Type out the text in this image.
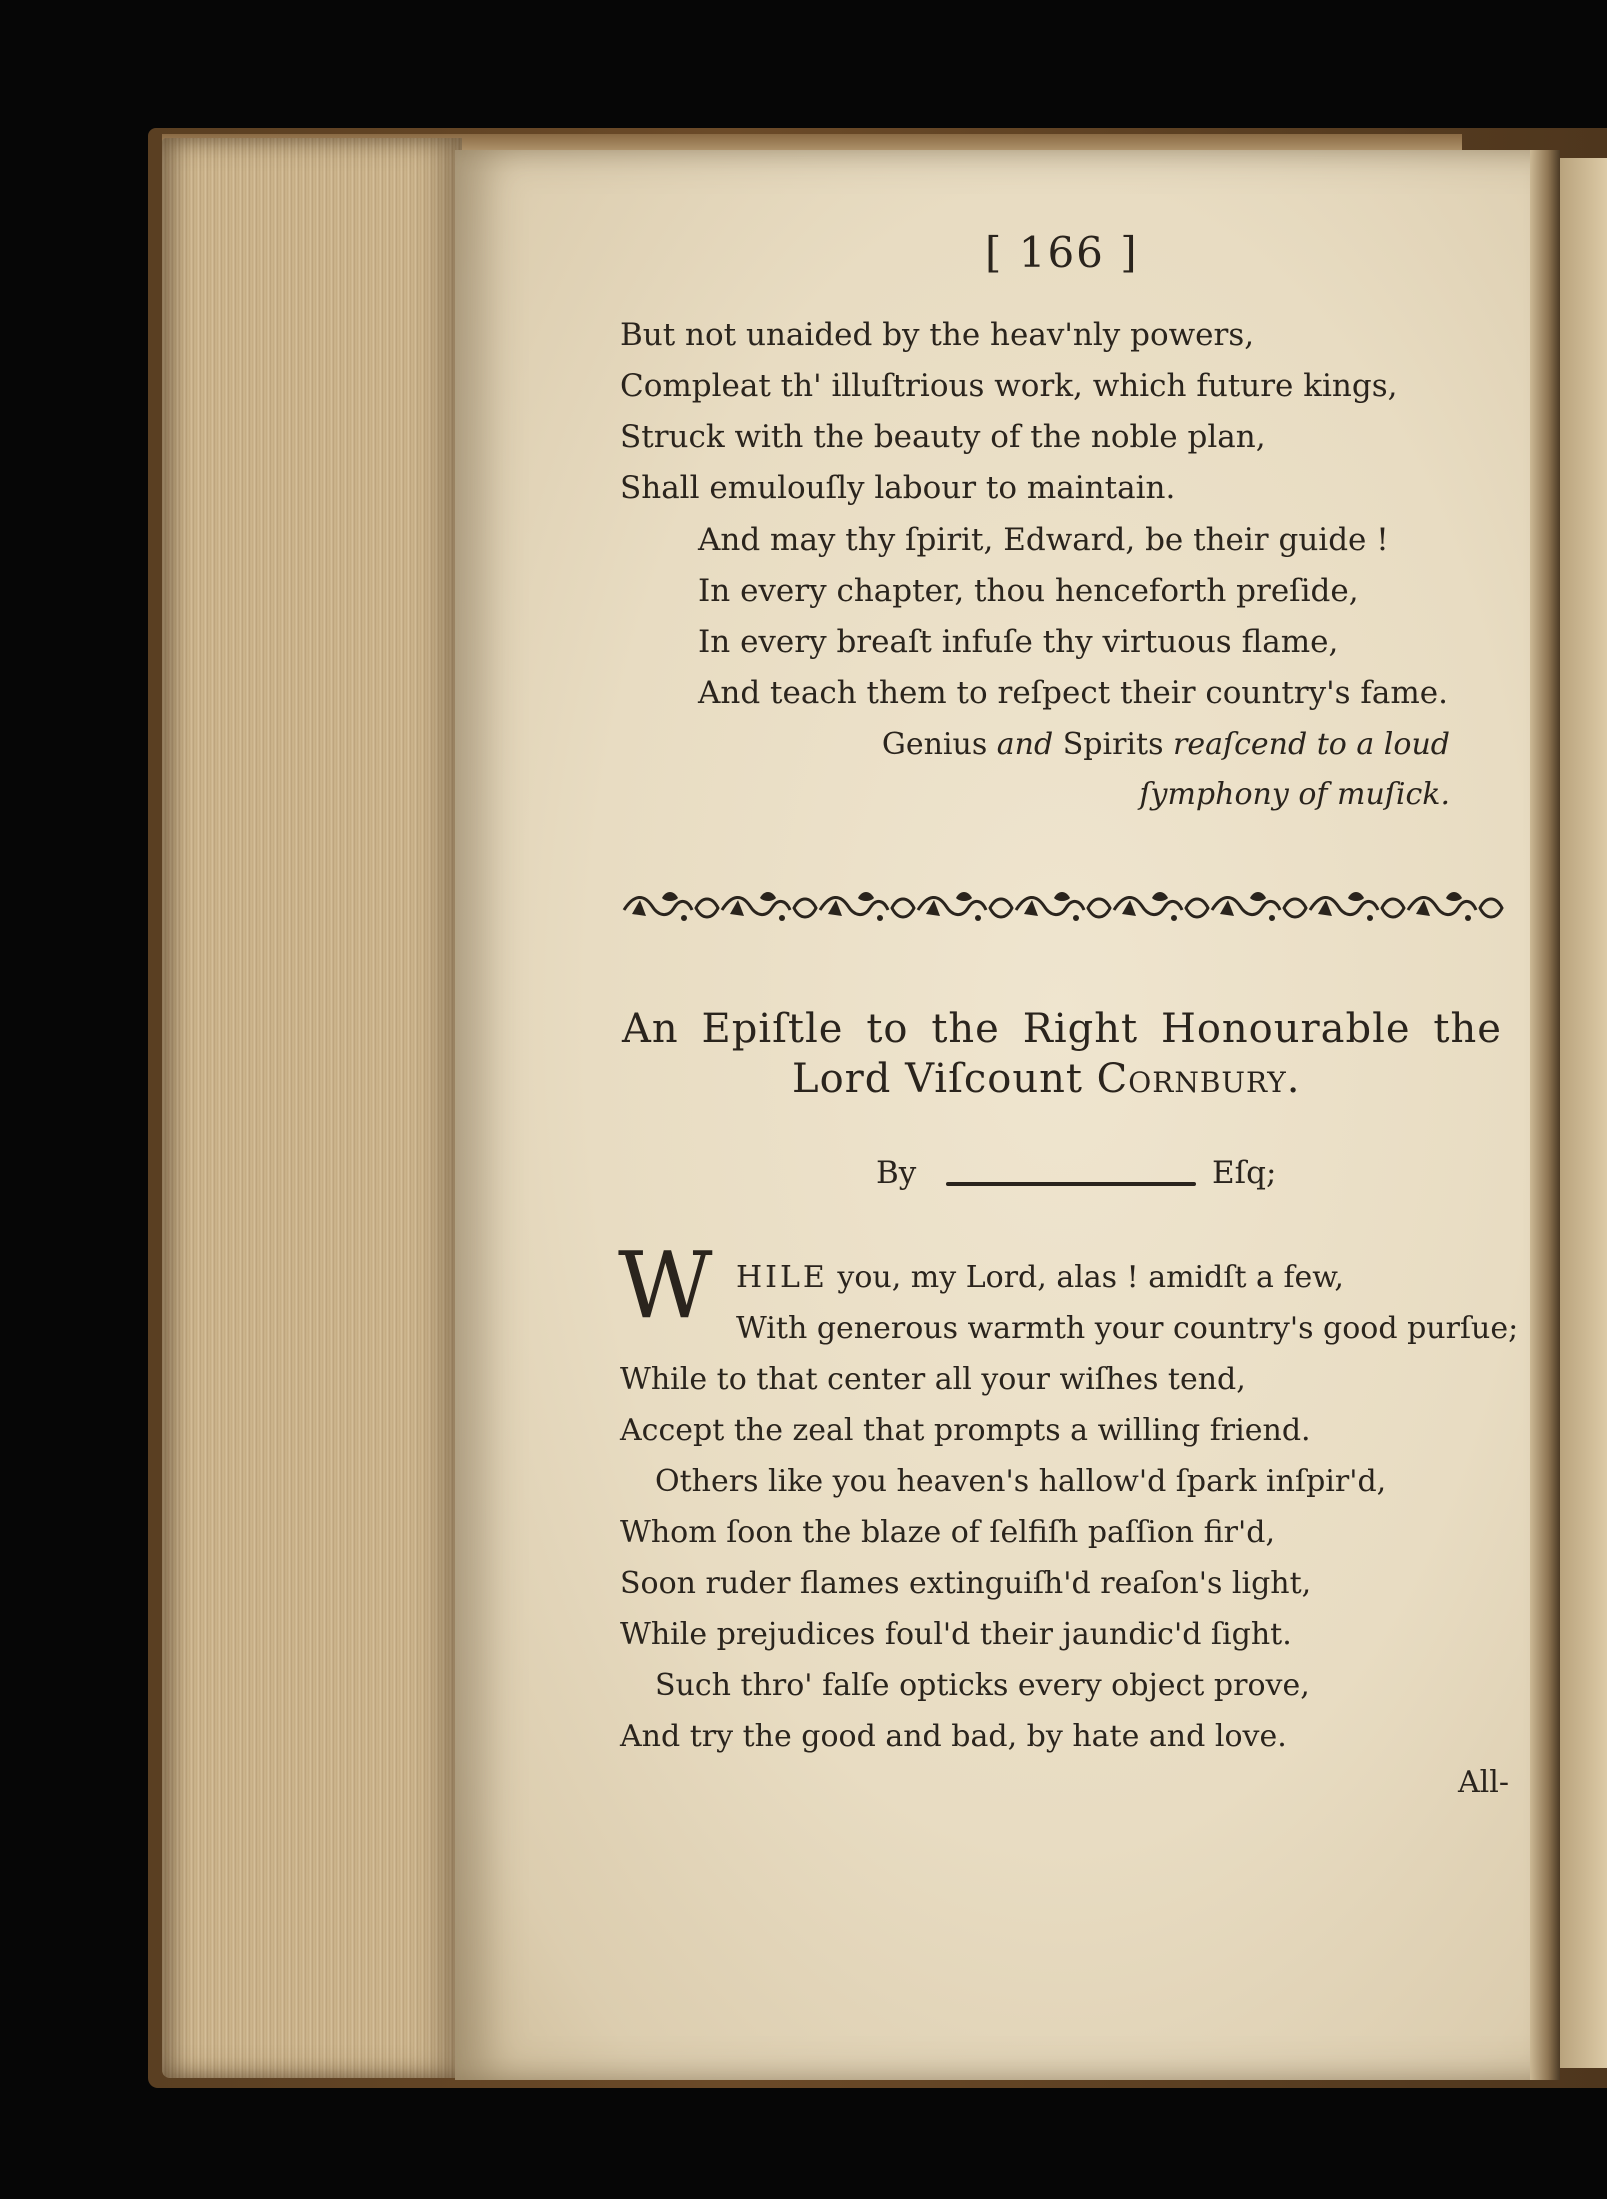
[ 166 ]
But not unaided by the heav'nly powers,
Compleat th' illuſtrious work, which future kings,
Struck with the beauty of the noble plan,
Shall emulouſly labour to maintain.
And may thy ſpirit, Edward, be their guide !
In every chapter, thou henceforth preſide,
In every breaſt infuſe thy virtuous flame,
And teach them to reſpect their country's fame.
Genius and Spirits reaſcend to a loud
ſymphony of muſick.
An Epiſtle to the Right Honourable the
Lord Viſcount Cornbury.
By	Eſq;
W HILE you, my Lord, alas ! amidſt a few,
With generous warmth your country's good purſue;
While to that center all your wiſhes tend,
Accept the zeal that prompts a willing friend.
Others like you heaven's hallow'd ſpark inſpir'd,
Whom ſoon the blaze of ſelfiſh paſſion fir'd,
Soon ruder flames extinguiſh'd reaſon's light,
While prejudices foul'd their jaundic'd ſight.
Such thro' falſe opticks every object prove,
And try the good and bad, by hate and love.
All-
